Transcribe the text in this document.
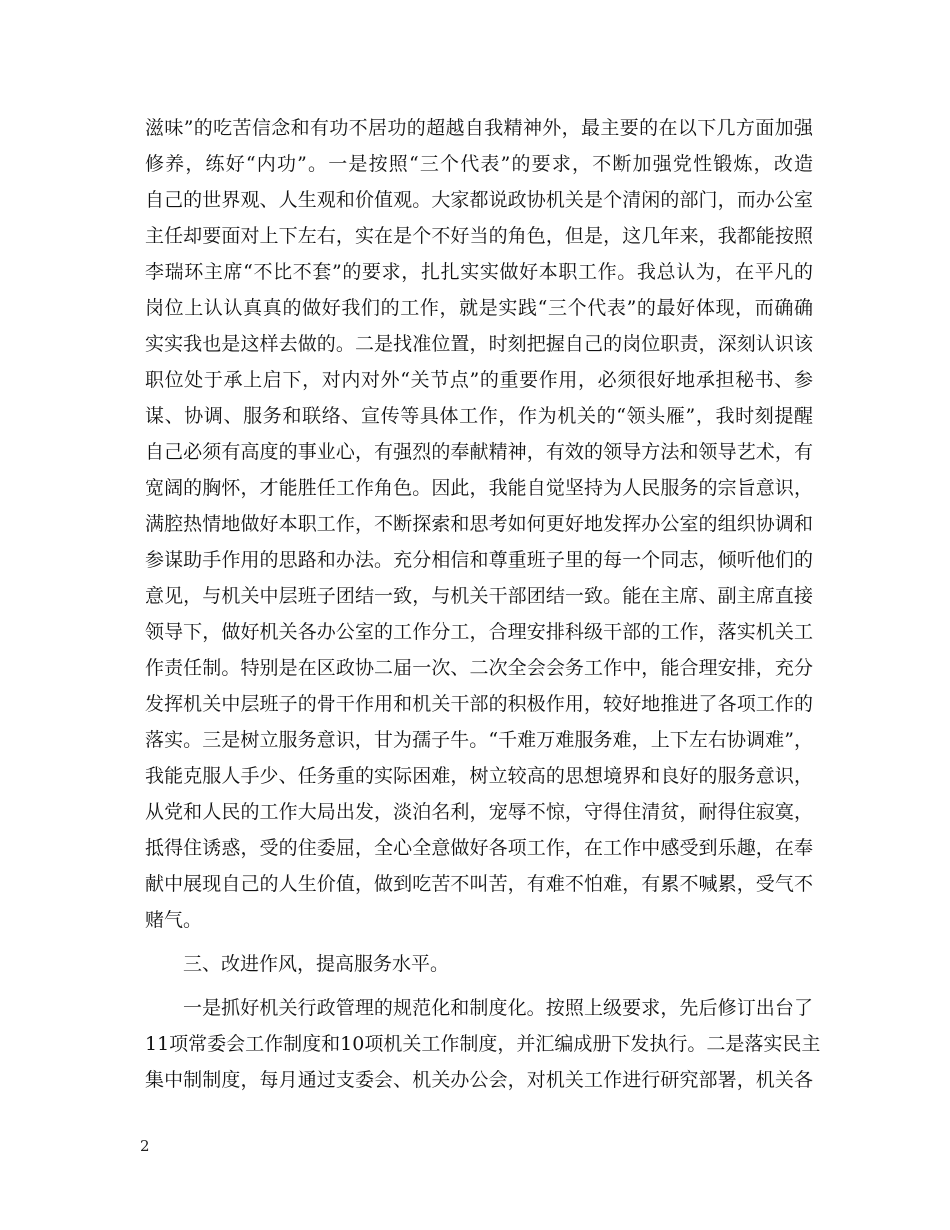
滋味”的吃苦信念和有功不居功的超越自我精神外，最主要的在以下几方面加强
修养，练好“内功”。一是按照“三个代表”的要求，不断加强党性锻炼，改造
自己的世界观、人生观和价值观。大家都说政协机关是个清闲的部门，而办公室
主任却要面对上下左右，实在是个不好当的角色，但是，这几年来，我都能按照
李瑞环主席“不比不套”的要求，扎扎实实做好本职工作。我总认为，在平凡的
岗位上认认真真的做好我们的工作，就是实践“三个代表”的最好体现，而确确
实实我也是这样去做的。二是找准位置，时刻把握自己的岗位职责，深刻认识该
职位处于承上启下，对内对外“关节点”的重要作用，必须很好地承担秘书、参
谋、协调、服务和联络、宣传等具体工作，作为机关的“领头雁”，我时刻提醒
自己必须有高度的事业心，有强烈的奉献精神，有效的领导方法和领导艺术，有
宽阔的胸怀，才能胜任工作角色。因此，我能自觉坚持为人民服务的宗旨意识，
满腔热情地做好本职工作，不断探索和思考如何更好地发挥办公室的组织协调和
参谋助手作用的思路和办法。充分相信和尊重班子里的每一个同志，倾听他们的
意见，与机关中层班子团结一致，与机关干部团结一致。能在主席、副主席直接
领导下，做好机关各办公室的工作分工，合理安排科级干部的工作，落实机关工
作责任制。特别是在区政协二届一次、二次全会会务工作中，能合理安排，充分
发挥机关中层班子的骨干作用和机关干部的积极作用，较好地推进了各项工作的
落实。三是树立服务意识，甘为孺子牛。“千难万难服务难，上下左右协调难”，
我能克服人手少、任务重的实际困难，树立较高的思想境界和良好的服务意识，
从党和人民的工作大局出发，淡泊名利，宠辱不惊，守得住清贫，耐得住寂寞，
抵得住诱惑，受的住委屈，全心全意做好各项工作，在工作中感受到乐趣，在奉
献中展现自己的人生价值，做到吃苦不叫苦，有难不怕难，有累不喊累，受气不
赌气。
三、改进作风，提高服务水平。
一是抓好机关行政管理的规范化和制度化。按照上级要求，先后修订出台了
11项常委会工作制度和10项机关工作制度，并汇编成册下发执行。二是落实民主
集中制制度，每月通过支委会、机关办公会，对机关工作进行研究部署，机关各
2
